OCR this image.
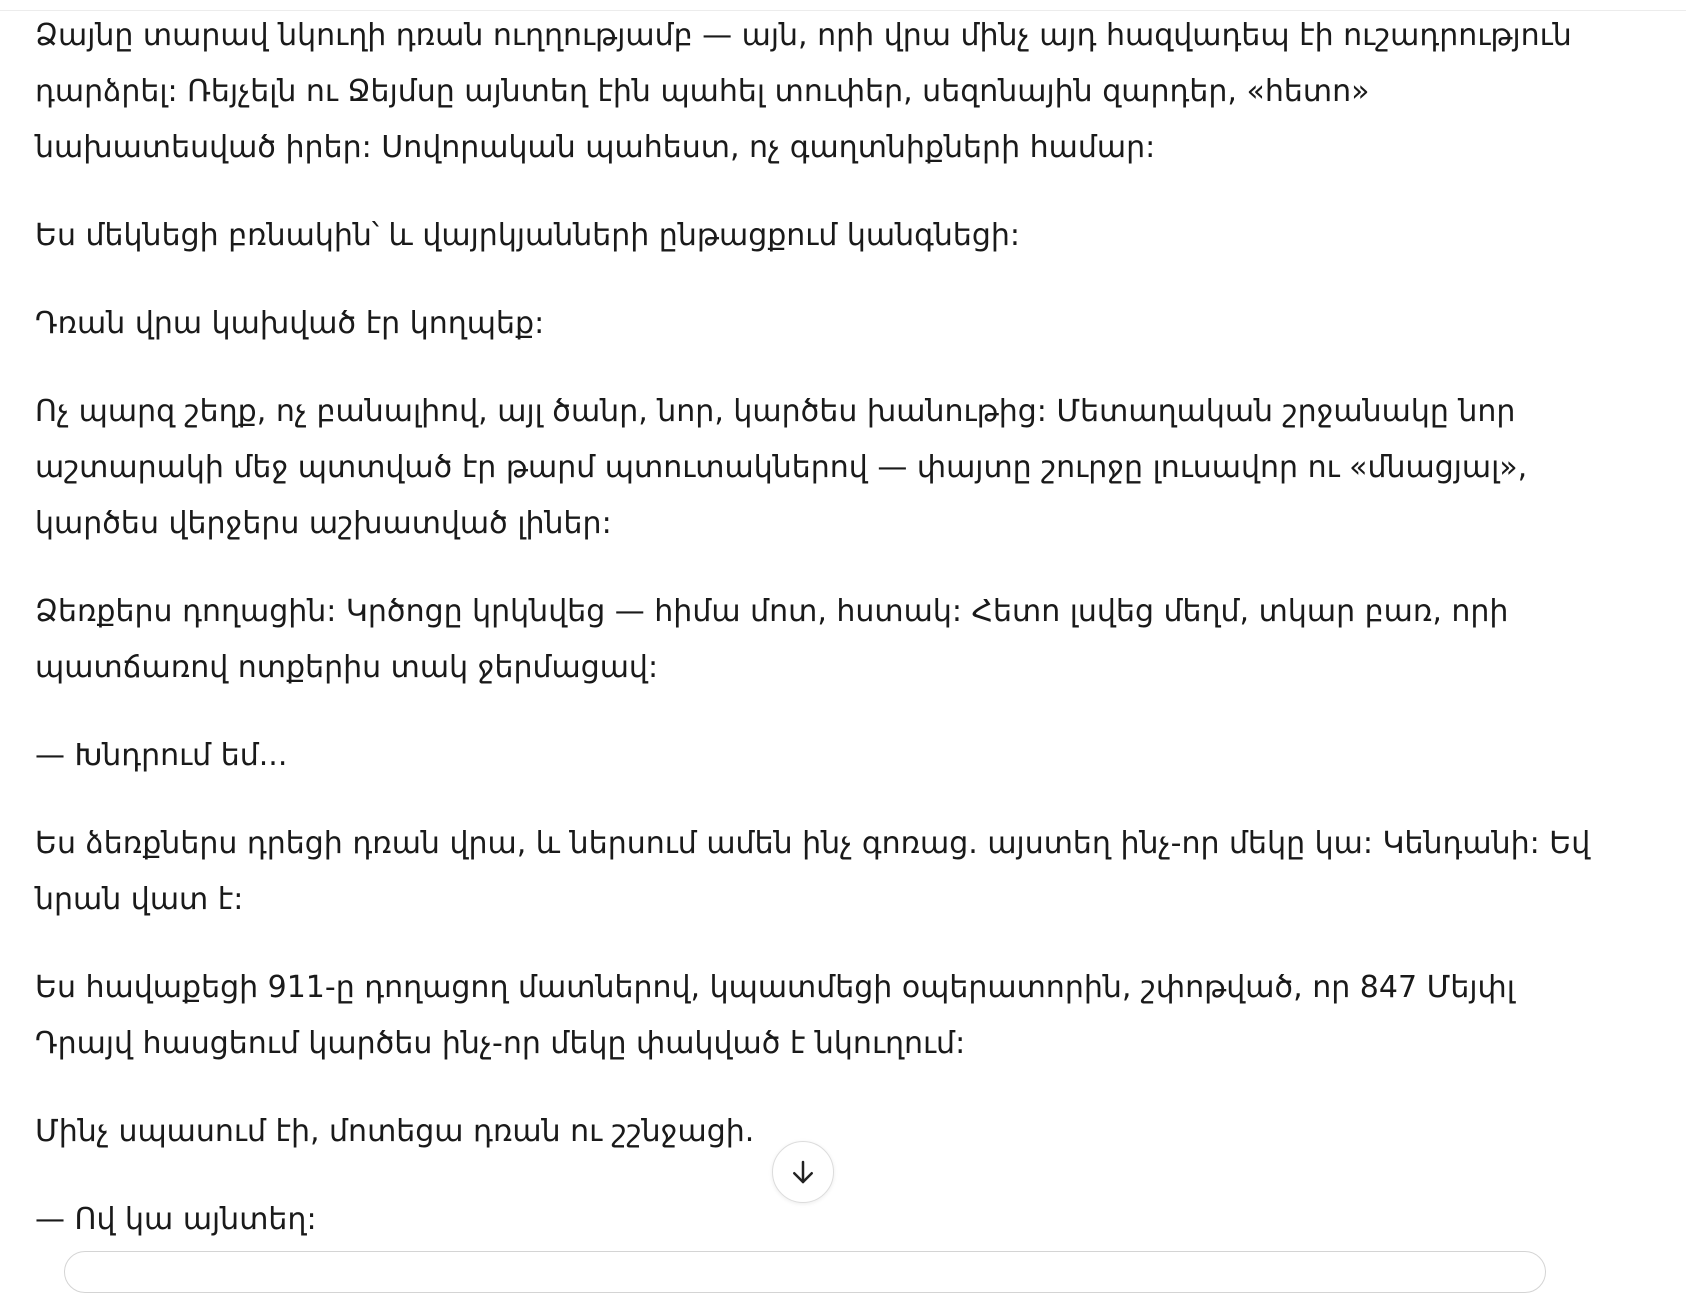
Ձայնը տարավ նկուղի դռան ուղղությամբ — այն, որի վրա մինչ այդ հազվադեպ էի ուշադրություն դարձրել: Ռեյչելն ու Ջեյմսը այնտեղ էին պահել տուփեր, սեզոնային զարդեր, «հետո» նախատեսված իրեր: Սովորական պահեստ, ոչ գաղտնիքների համար:

Ես մեկնեցի բռնակին՝ և վայրկյանների ընթացքում կանգնեցի:

Դռան վրա կախված էր կողպեք:

Ոչ պարզ շեղք, ոչ բանալիով, այլ ծանր, նոր, կարծես խանութից: Մետաղական շրջանակը նոր աշտարակի մեջ պտտված էր թարմ պտուտակներով — փայտը շուրջը լուսավոր ու «մնացյալ», կարծես վերջերս աշխատված լիներ:

Ձեռքերս դողացին: Կրծոցը կրկնվեց — հիմա մոտ, հստակ: Հետո լսվեց մեղմ, տկար բառ, որի պատճառով ոտքերիս տակ ջերմացավ:

— Խնդրում եմ...

Ես ձեռքներս դրեցի դռան վրա, և ներսում ամեն ինչ գոռաց. այստեղ ինչ-որ մեկը կա: Կենդանի: Եվ նրան վատ է:

Ես հավաքեցի 911-ը դողացող մատներով, կպատմեցի օպերատորին, շփոթված, որ 847 Մեյփլ Դրայվ հասցեում կարծես ինչ-որ մեկը փակված է նկուղում:

Մինչ սպասում էի, մոտեցա դռան ու շշնջացի.

— Ով կա այնտեղ:
